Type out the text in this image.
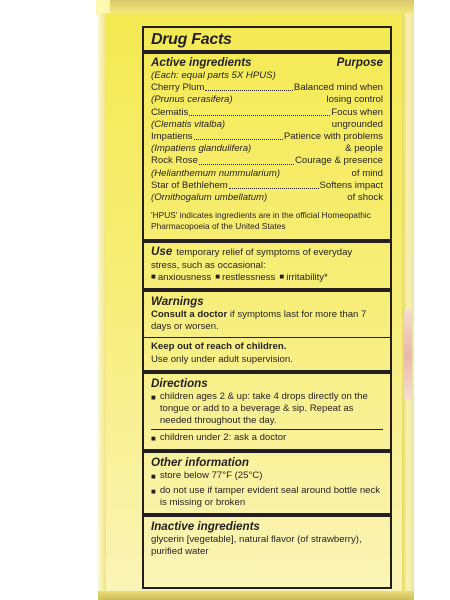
Drug Facts
Active ingredients	Purpose
(Each: equal parts 5X HPUS)
Cherry Plum	Balanced mind when
(Prunus cerasifera)	losing control
Clematis	Focus when
(Clematis vitalba)	ungrounded
Impatiens	Patience with problems
(Impatiens glandulifera)	& people
Rock Rose	Courage & presence
(Helianthemum nummularium)	of mind
Star of Bethlehem	Softens impact
(Ornithogalum umbellatum)	of shock
'HPUS' indicates ingredients are in the official Homeopathic Pharmacopoeia of the United States
Use temporary relief of symptoms of everyday stress, such as occasional:
■ anxiousness ■ restlessness ■ irritability*
Warnings
Consult a doctor if symptoms last for more than 7 days or worsen.
Keep out of reach of children.
Use only under adult supervision.
Directions
■ children ages 2 & up: take 4 drops directly on the tongue or add to a beverage & sip. Repeat as needed throughout the day.
■ children under 2: ask a doctor
Other information
■ store below 77°F (25°C)
■ do not use if tamper evident seal around bottle neck is missing or broken
Inactive ingredients
glycerin [vegetable], natural flavor (of strawberry), purified water
